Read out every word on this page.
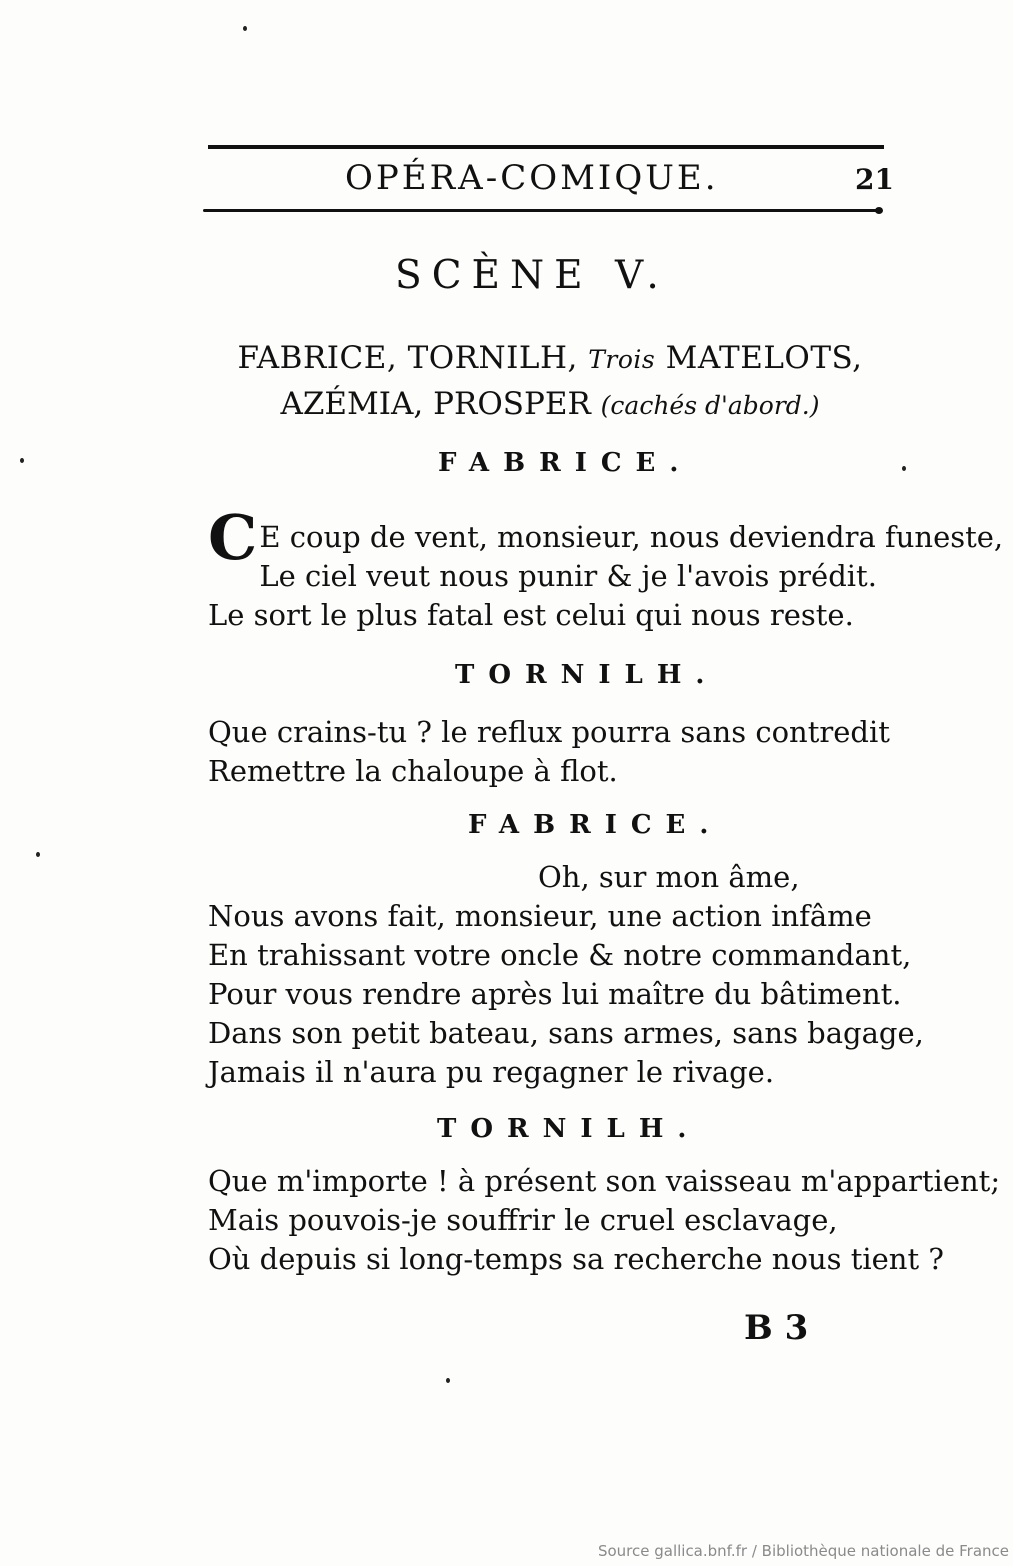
OPÉRA-COMIQUE.	21
SCÈNE V.
FABRICE, TORNILH, Trois MATELOTS,
AZÉMIA, PROSPER (cachés d'abord.)
FABRICE.

C E coup de vent, monsieur, nous deviendra funeste,

Le ciel veut nous punir & je l'avois prédit.

Le sort le plus fatal est celui qui nous reste.

TORNILH.

Que crains-tu ? le reflux pourra sans contredit

Remettre la chaloupe à flot.

FABRICE.

Oh, sur mon âme,

Nous avons fait, monsieur, une action infâme

En trahissant votre oncle & notre commandant,

Pour vous rendre après lui maître du bâtiment.

Dans son petit bateau, sans armes, sans bagage,

Jamais il n'aura pu regagner le rivage.

TORNILH.

Que m'importe ! à présent son vaisseau m'appartient;

Mais pouvois-je souffrir le cruel esclavage,

Où depuis si long-temps sa recherche nous tient ?

B 3
Source gallica.bnf.fr / Bibliothèque nationale de France
